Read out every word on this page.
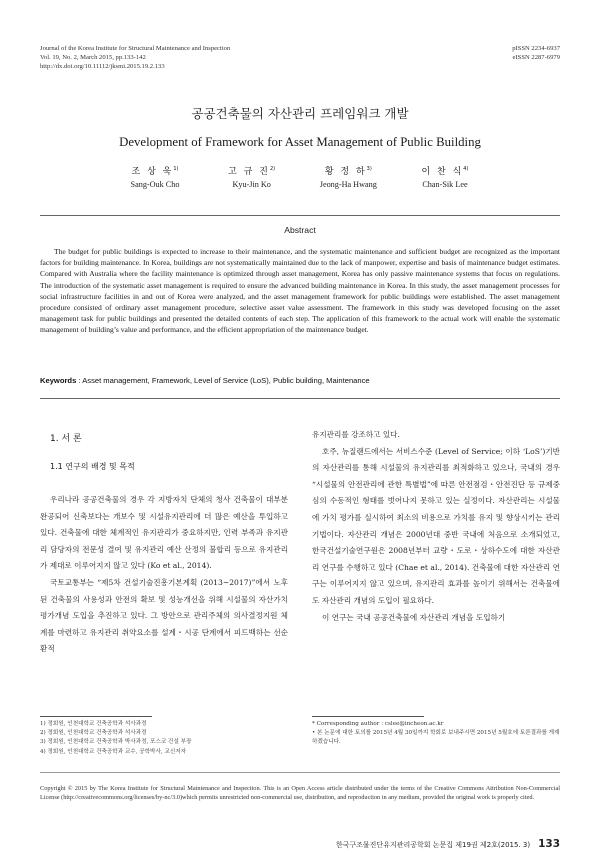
Journal of the Korea Institute for Structural Maintenance and Inspection
Vol. 19, No. 2, March 2015, pp.133-142
http://dx.doi.org/10.11112/jksmi.2015.19.2.133
pISSN 2234-6937
eISSN 2287-6979
공공건축물의 자산관리 프레임워크 개발
Development of Framework for Asset Management of Public Building
조 상 욱$^{1)}$
Sang-Ouk Cho
고 규 진$^{2)}$
Kyu-Jin Ko
황 정 하$^{3)}$
Jeong-Ha Hwang
이 찬 식$^{4)}$
Chan-Sik Lee
Abstract
The budget for public buildings is expected to increase to their maintenance, and the systematic maintenance and sufficient budget are recognized as the important factors for building maintenance. In Korea, buildings are not systematically maintained due to the lack of manpower, expertise and basis of maintenance budget estimates. Compared with Australia where the facility maintenance is optimized through asset management, Korea has only passive maintenance systems that focus on regulations. The introduction of the systematic asset management is required to ensure the advanced building maintenance in Korea. In this study, the asset management processes for social infrastructure facilities in and out of Korea were analyzed, and the asset management framework for public buildings were established. The asset management procedure consisted of ordinary asset management procedure, selective asset value assessment. The framework in this study was developed focusing on the asset management task for public buildings and presented the detailed contents of each step. The application of this framework to the actual work will enable the systematic management of building’s value and performance, and the efficient appropriation of the maintenance budget.
Keywords : Asset management, Framework, Level of Service (LoS), Public building, Maintenance
1. 서 론
1.1 연구의 배경 및 목적

우리나라 공공건축물의 경우 각 지방자치 단체의 청사 건축물이 대부분 완공되어 신축보다는 개보수 및 시설유지관리에 더 많은 예산을 투입하고 있다. 건축물에 대한 체계적인 유지관리가 중요하지만, 인력 부족과 유지관리 담당자의 전문성 결여 및 유지관리 예산 산정의 불합리 등으로 유지관리가 제대로 이루어지지 않고 있다 (Ko et al., 2014).

국토교통부는 “제5차 건설기술진흥기본계획 (2013~2017)”에서 노후된 건축물의 사용성과 안전의 확보 및 성능개선을 위해 시설물의 자산가치 평가개념 도입을 추진하고 있다. 그 방안으로 관리주체의 의사결정지원 체계를 마련하고 유지관리 취약요소를 설계・시공 단계에서 피드백하는 선순환적

유지관리를 강조하고 있다.

호주, 뉴질랜드에서는 서비스수준 (Level of Service; 이하 ‘LoS’)기반의 자산관리를 통해 시설물의 유지관리를 최적화하고 있으나, 국내의 경우 “시설물의 안전관리에 관한 특별법”에 따른 안전점검・안전진단 등 규제중심의 수동적인 형태를 벗어나지 못하고 있는 실정이다. 자산관리는 시설물에 가치 평가를 실시하여 최소의 비용으로 가치를 유지 및 향상시키는 관리기법이다. 자산관리 개념은 2000년대 중반 국내에 처음으로 소개되었고, 한국건설기술연구원은 2008년부터 교량・도로・상하수도에 대한 자산관리 연구를 수행하고 있다 (Chae et al., 2014). 건축물에 대한 자산관리 연구는 이루어지지 않고 있으며, 유지관리 효과를 높이기 위해서는 건축물에도 자산관리 개념의 도입이 필요하다.

이 연구는 국내 공공건축물에 자산관리 개념을 도입하기

1) 정회원, 인천대학교 건축공학과 석사과정
2) 정회원, 인천대학교 건축공학과 석사과정
3) 정회원, 인천대학교 건축공학과 박사과정, 포스코 건설 부장
4) 정회원, 인천대학교 건축공학과 교수, 공학박사, 교신저자
* Corresponding author : cslee@incheon.ac.kr
• 본 논문에 대한 토의를 2015년 4월 30일까지 학회로 보내주시면 2015년 5월호에 토론결과를 게재하겠습니다.
Copyright © 2015 by The Korea Institute for Structural Maintenance and Inspection. This is an Open Access article distributed under the terms of the Creative Commons Attribution Non-Commercial License (http://creativecommons.org/licenses/by-nc/3.0)which permits unrestricted non-commercial use, distribution, and reproduction in any medium, provided the original work is properly cited.
한국구조물진단유지관리공학회 논문집 제19권 제2호(2015. 3) 133
